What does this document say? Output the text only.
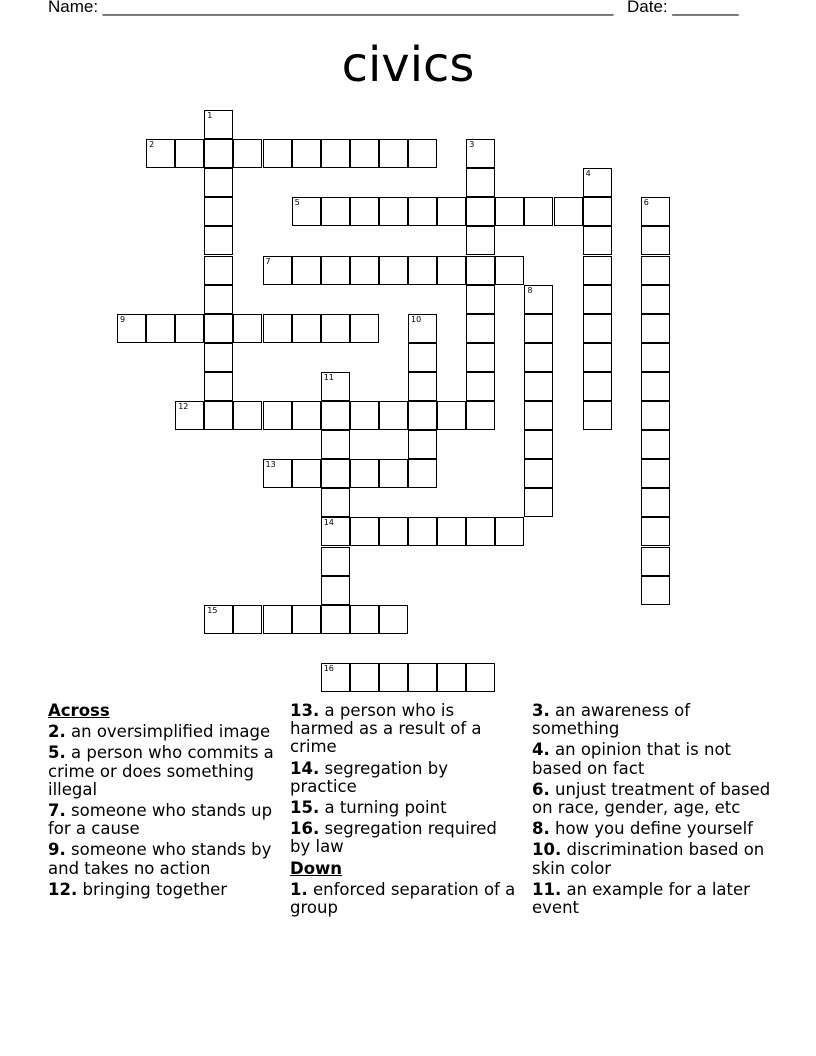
Name: ______________________________________________________ Date: _______
civics
1
2	3
4
5	6
7
8
9	10
11
14
12
13
15
16
Across
2. an oversimplified image
5. a person who commits a crime or does something illegal
7. someone who stands up for a cause
9. someone who stands by and takes no action
12. bringing together
13. a person who is harmed as a result of a crime
14. segregation by practice
15. a turning point
16. segregation required by law
Down
1. enforced separation of a group
3. an awareness of something
4. an opinion that is not based on fact
6. unjust treatment of based on race, gender, age, etc
8. how you define yourself
10. discrimination based on skin color
11. an example for a later event
